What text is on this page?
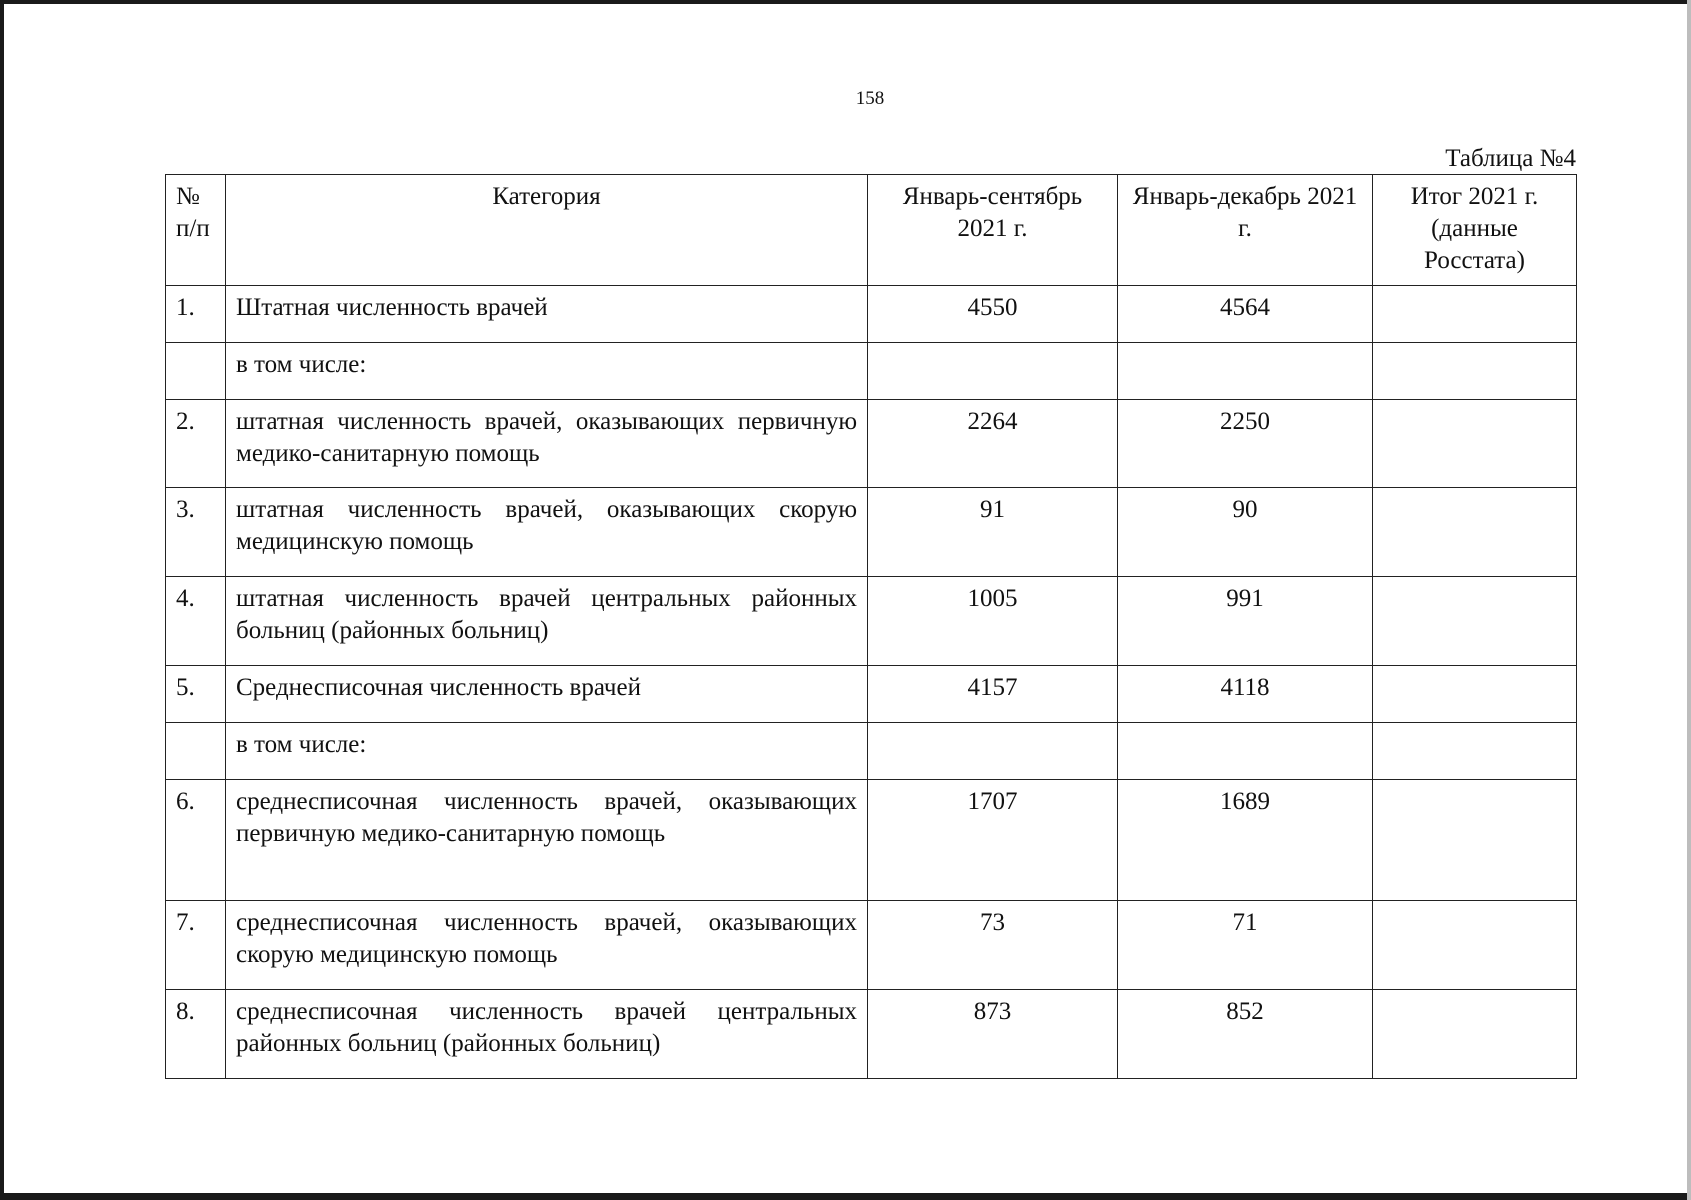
158
Таблица №4
№ п/п	Категория	Январь-сентябрь 2021 г.	Январь-декабрь 2021 г.	Итог 2021 г. (данные Росстата)
1.	Штатная численность врачей	4550	4564	
	в том числе:			
2.	штатная численность врачей, оказывающих первичную медико-санитарную помощь	2264	2250	
3.	штатная численность врачей, оказывающих скорую медицинскую помощь	91	90	
4.	штатная численность врачей центральных районных больниц (районных больниц)	1005	991	
5.	Среднесписочная численность врачей	4157	4118	
	в том числе:			
6.	среднесписочная численность врачей, оказывающих первичную медико-санитарную помощь	1707	1689	
7.	среднесписочная численность врачей, оказывающих скорую медицинскую помощь	73	71	
8.	среднесписочная численность врачей центральных районных больниц (районных больниц)	873	852	
